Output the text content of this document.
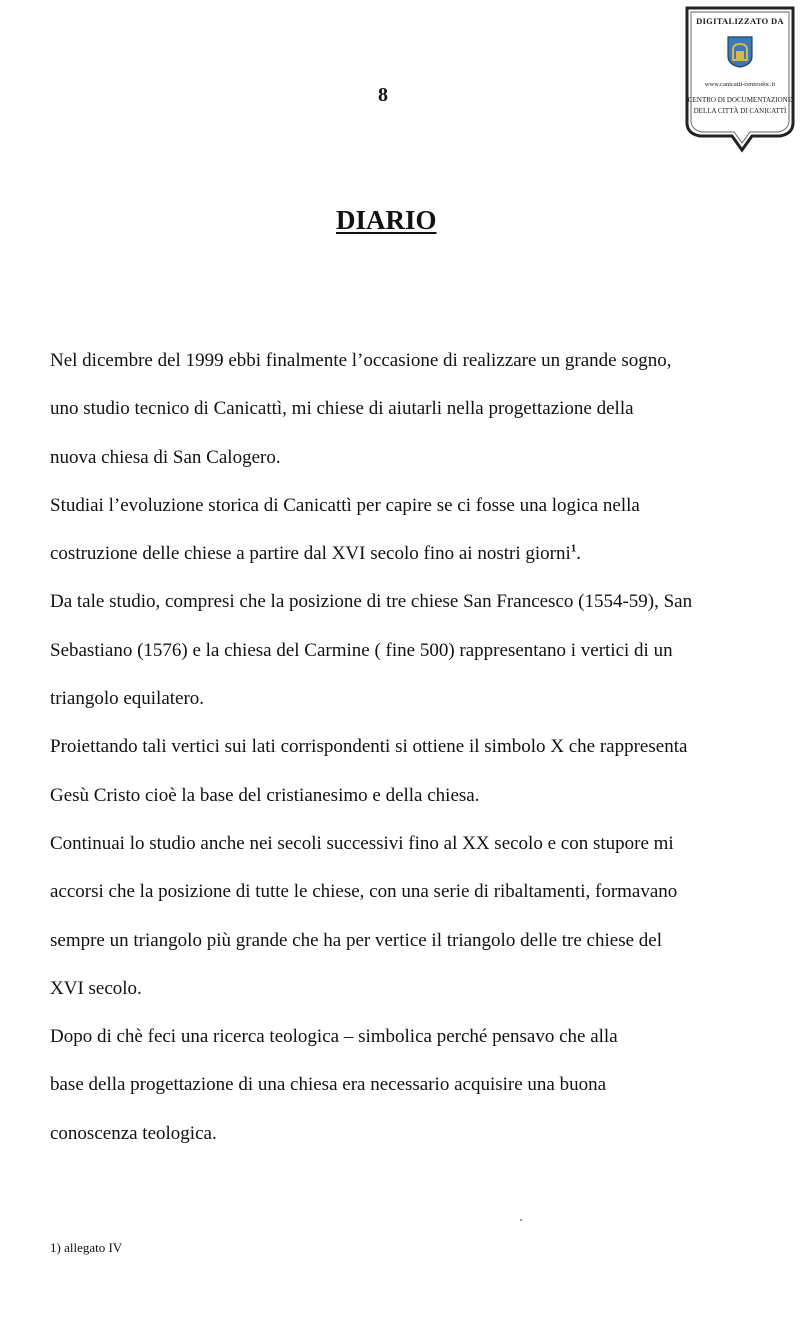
DIGITALIZZATO DA
www.canicatti-centrodoc.it
CENTRO DI DOCUMENTAZIONE
DELLA CITTÀ DI CANICATTÌ
8
DIARIO
Nel dicembre del 1999 ebbi finalmente l’occasione di realizzare un grande sogno,
uno studio tecnico di Canicattì, mi chiese di aiutarli nella progettazione della
nuova chiesa di San Calogero.
Studiai l’evoluzione storica di Canicattì per capire se ci fosse una logica nella
costruzione delle chiese a partire dal XVI secolo fino ai nostri giorni$^1$.
Da tale studio, compresi che la posizione di tre chiese San Francesco (1554-59), San
Sebastiano (1576) e la chiesa del Carmine ( fine 500) rappresentano i vertici di un
triangolo equilatero.
Proiettando tali vertici sui lati corrispondenti si ottiene il simbolo X che rappresenta
Gesù Cristo cioè la base del cristianesimo e della chiesa.
Continuai lo studio anche nei secoli successivi fino al XX secolo e con stupore mi
accorsi che la posizione di tutte le chiese, con una serie di ribaltamenti, formavano
sempre un triangolo più grande che ha per vertice il triangolo delle tre chiese del
XVI secolo.
Dopo di chè feci una ricerca teologica – simbolica perché pensavo che alla
base della progettazione di una chiesa era necessario acquisire una buona
conoscenza teologica.
1) allegato IV
